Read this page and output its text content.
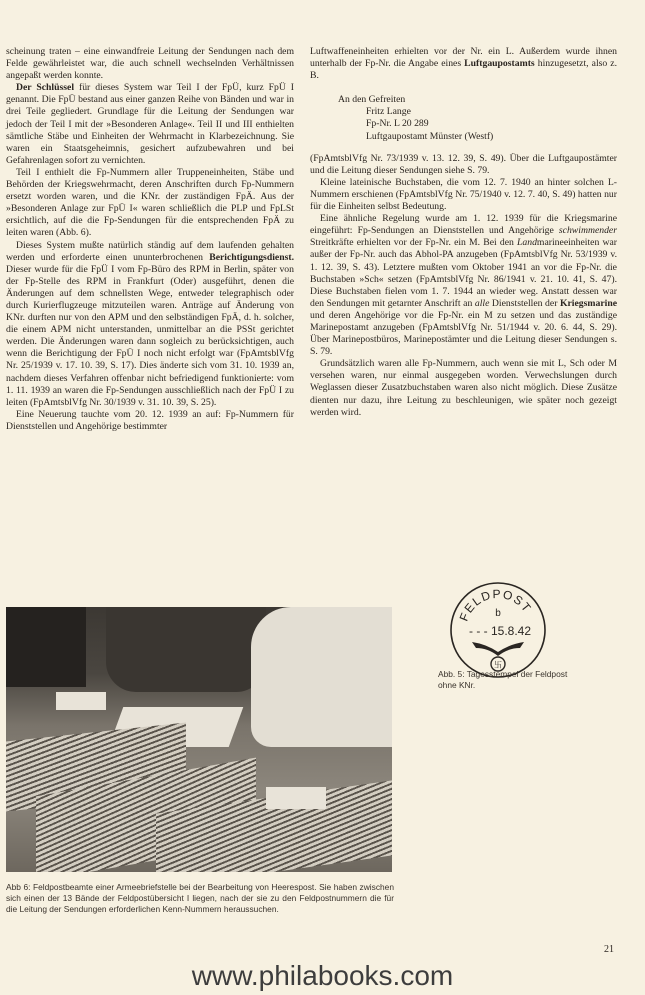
scheinung traten – eine einwandfreie Leitung der Sendungen nach dem Felde gewährleistet war, die auch schnell wechselnden Verhältnissen angepaßt werden konnte.

Der Schlüssel für dieses System war Teil I der FpÜ, kurz FpÜ I genannt. Die FpÜ bestand aus einer ganzen Reihe von Bänden und war in drei Teile gegliedert. Grundlage für die Leitung der Sendungen war jedoch der Teil I mit der »Besonderen Anlage«. Teil II und III enthielten sämtliche Stäbe und Einheiten der Wehrmacht in Klarbezeichnung. Sie waren ein Staatsgeheimnis, gesichert aufzubewahren und bei Gefahrenlagen sofort zu vernichten.

Teil I enthielt die Fp-Nummern aller Truppeneinheiten, Stäbe und Behörden der Kriegswehrmacht, deren Anschriften durch Fp-Nummern ersetzt worden waren, und die KNr. der zuständigen FpÄ. Aus der »Besonderen Anlage zur FpÜ I« waren schließlich die PLP und FpLSt ersichtlich, auf die die Fp-Sendungen für die entsprechenden FpÄ zu leiten waren (Abb. 6).

Dieses System mußte natürlich ständig auf dem laufenden gehalten werden und erforderte einen ununterbrochenen Berichtigungsdienst. Dieser wurde für die FpÜ I vom Fp-Büro des RPM in Berlin, später von der Fp-Stelle des RPM in Frankfurt (Oder) ausgeführt, denen die Änderungen auf dem schnellsten Wege, entweder telegraphisch oder durch Kurierflugzeuge mitzuteilen waren. Anträge auf Änderung von KNr. durften nur von den APM und den selbständigen FpÄ, d. h. solcher, die einem APM nicht unterstanden, unmittelbar an die PSSt gerichtet werden. Die Änderungen waren dann sogleich zu berücksichtigen, auch wenn die Berichtigung der FpÜ I noch nicht erfolgt war (FpAmtsblVfg Nr. 25/1939 v. 17. 10. 39, S. 17). Dies änderte sich vom 31. 10. 1939 an, nachdem dieses Verfahren offenbar nicht befriedigend funktionierte: vom 1. 11. 1939 an waren die Fp-Sendungen ausschließlich nach der FpÜ I zu leiten (FpAmtsblVfg Nr. 30/1939 v. 31. 10. 39, S. 25).

Eine Neuerung tauchte vom 20. 12. 1939 an auf: Fp-Nummern für Dienststellen und Angehörige bestimmter

Luftwaffeneinheiten erhielten vor der Nr. ein L. Außerdem wurde ihnen unterhalb der Fp-Nr. die Angabe eines Luftgaupostamts hinzugesetzt, also z. B.

An den Gefreiten
Fritz Lange
Fp-Nr. L 20 289
Luftgaupostamt Münster (Westf)

(FpAmtsblVfg Nr. 73/1939 v. 13. 12. 39, S. 49). Über die Luftgaupostämter und die Leitung dieser Sendungen siehe S. 79.

Kleine lateinische Buchstaben, die vom 12. 7. 1940 an hinter solchen L-Nummern erschienen (FpAmtsblVfg Nr. 75/1940 v. 12. 7. 40, S. 49) hatten nur für die Einheiten selbst Bedeutung.

Eine ähnliche Regelung wurde am 1. 12. 1939 für die Kriegsmarine eingeführt: Fp-Sendungen an Dienststellen und Angehörige schwimmender Streitkräfte erhielten vor der Fp-Nr. ein M. Bei den Landmarineeinheiten war außer der Fp-Nr. auch das Abhol-PA anzugeben (FpAmtsblVfg Nr. 53/1939 v. 1. 12. 39, S. 43). Letztere mußten vom Oktober 1941 an vor die Fp-Nr. die Buchstaben »Sch« setzen (FpAmtsblVfg Nr. 86/1941 v. 21. 10. 41, S. 47). Diese Buchstaben fielen vom 1. 7. 1944 an wieder weg. Anstatt dessen war den Sendungen mit getarnter Anschrift an alle Dienststellen der Kriegsmarine und deren Angehörige vor die Fp-Nr. ein M zu setzen und das zuständige Marinepostamt anzugeben (FpAmtsblVfg Nr. 51/1944 v. 20. 6. 44, S. 29). Über Marinepostbüros, Marinepostämter und die Leitung dieser Sendungen s. S. 79.

Grundsätzlich waren alle Fp-Nummern, auch wenn sie mit L, Sch oder M versehen waren, nur einmal ausgegeben worden. Verwechslungen durch Weglassen dieser Zusatzbuchstaben waren also nicht möglich. Diese Zusätze dienten nur dazu, ihre Leitung zu beschleunigen, wie später noch gezeigt werden wird.

FELDPOST
b
- - - 15.8.42
卐
Abb. 5: Tagesstempel der Feldpost ohne KNr.
Abb 6: Feldpostbeamte einer Armeebriefstelle bei der Bearbeitung von Heerespost. Sie haben zwischen sich einen der 13 Bände der Feldpostübersicht I liegen, nach der sie zu den Feldpostnummern die für die Leitung der Sendungen erforderlichen Kenn-Nummern heraussuchen.
21
www.philabooks.com
